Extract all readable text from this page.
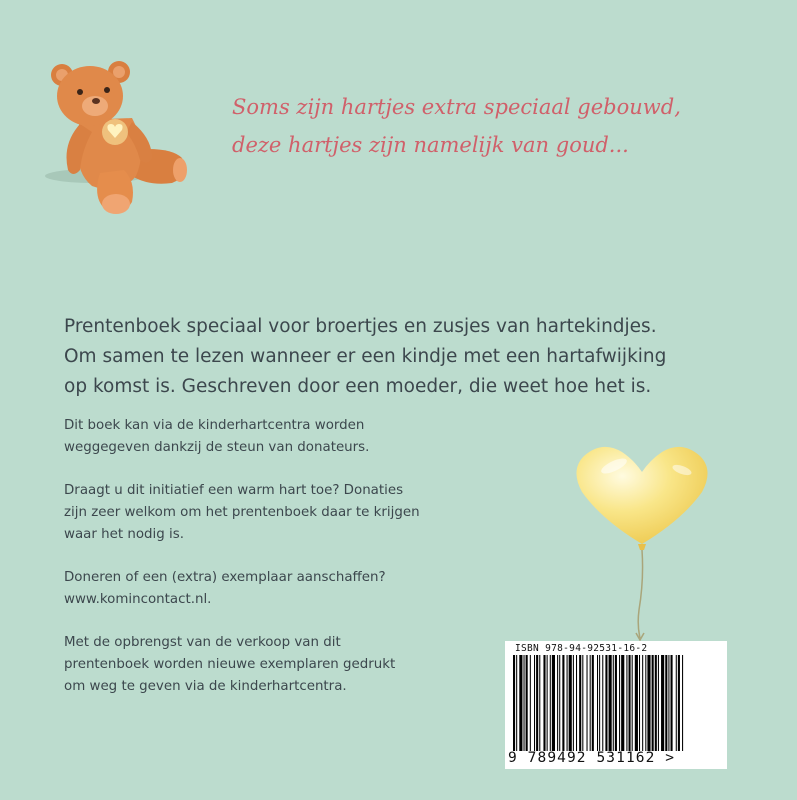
Soms zijn hartjes extra speciaal gebouwd,
deze hartjes zijn namelijk van goud...
Prentenboek speciaal voor broertjes en zusjes van hartekindjes.
Om samen te lezen wanneer er een kindje met een hartafwijking
op komst is. Geschreven door een moeder, die weet hoe het is.

Dit boek kan via de kinderhartcentra worden
weggegeven dankzij de steun van donateurs.

Draagt u dit initiatief een warm hart toe? Donaties
zijn zeer welkom om het prentenboek daar te krijgen
waar het nodig is.

Doneren of een (extra) exemplaar aanschaffen?
www.komincontact.nl.

Met de opbrengst van de verkoop van dit
prentenboek worden nieuwe exemplaren gedrukt
om weg te geven via de kinderhartcentra.

ISBN 978-94-92531-16-2
9 789492 531162 >
